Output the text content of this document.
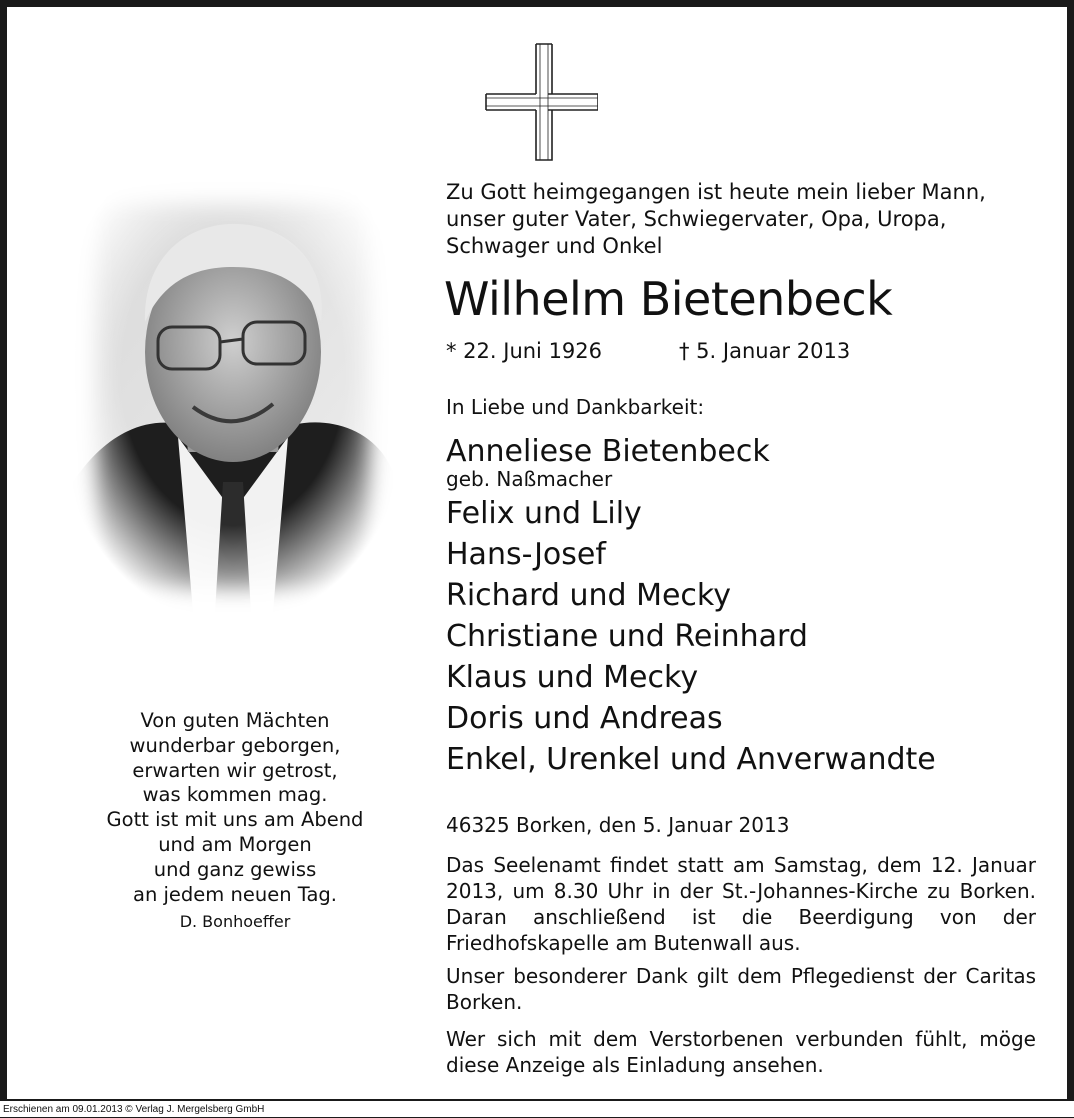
Zu Gott heimgegangen ist heute mein lieber Mann,
unser guter Vater, Schwiegervater, Opa, Uropa,
Schwager und Onkel
Wilhelm Bietenbeck
* 22. Juni 1926	† 5. Januar 2013
In Liebe und Dankbarkeit:
Anneliese Bietenbeck
geb. Naßmacher
Felix und Lily
Hans-Josef
Richard und Mecky
Christiane und Reinhard
Klaus und Mecky
Doris und Andreas
Enkel, Urenkel und Anverwandte
46325 Borken, den 5. Januar 2013
Das Seelenamt findet statt am Samstag, dem 12. Januar 2013, um 8.30 Uhr in der St.-Johannes-Kirche zu Borken. Daran anschließend ist die Beerdigung von der Friedhofskapelle am Butenwall aus.
Unser besonderer Dank gilt dem Pflegedienst der Caritas Borken.
Wer sich mit dem Verstorbenen verbunden fühlt, möge diese Anzeige als Einladung ansehen.
Von guten Mächten
wunderbar geborgen,
erwarten wir getrost,
was kommen mag.
Gott ist mit uns am Abend
und am Morgen
und ganz gewiss
an jedem neuen Tag.
D. Bonhoeffer
Erschienen am 09.01.2013 © Verlag J. Mergelsberg GmbH
